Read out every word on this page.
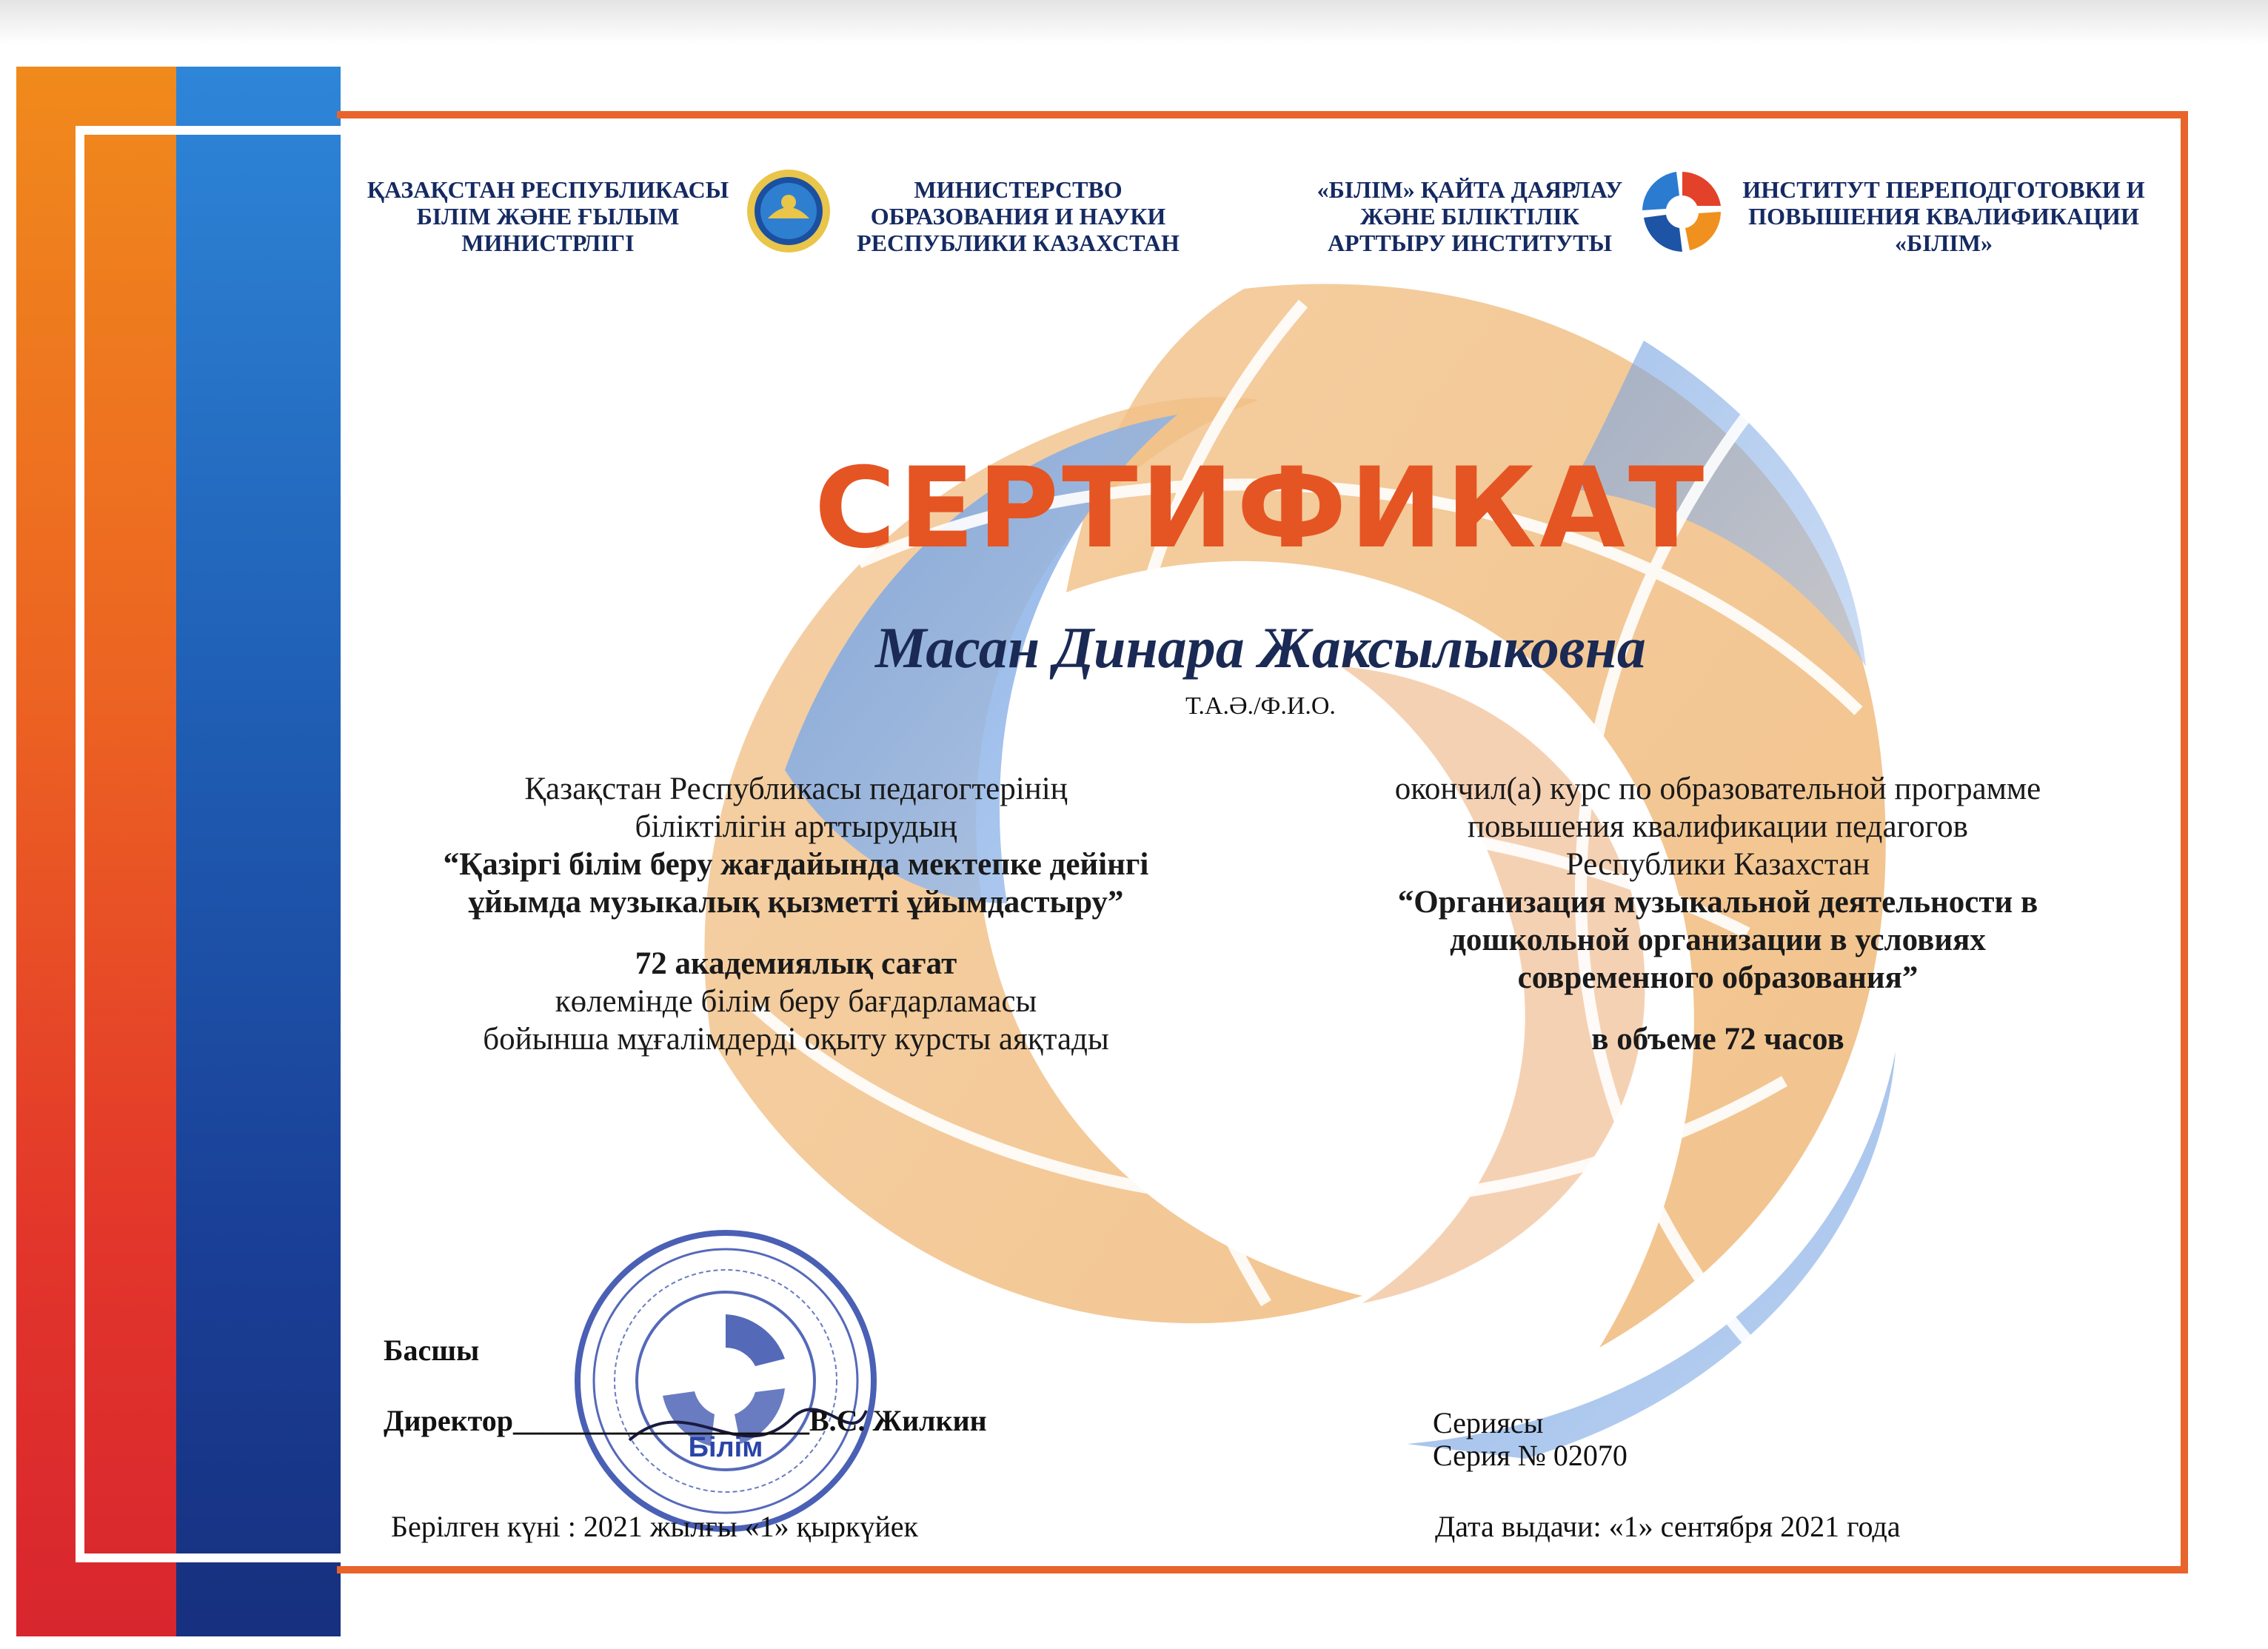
ҚАЗАҚСТАН РЕСПУБЛИКАСЫ
БІЛІМ ЖӘНЕ ҒЫЛЫМ
МИНИСТРЛІГІ
МИНИСТЕРСТВО
ОБРАЗОВАНИЯ И НАУКИ
РЕСПУБЛИКИ КАЗАХСТАН
«БІЛІМ» ҚАЙТА ДАЯРЛАУ
ЖӘНЕ БІЛІКТІЛІК
АРТТЫРУ ИНСТИТУТЫ
ИНСТИТУТ ПЕРЕПОДГОТОВКИ И
ПОВЫШЕНИЯ КВАЛИФИКАЦИИ
«БІЛІМ»
СЕРТИФИКАТ
Масан Динара Жаксылыковна
Т.А.Ә./Ф.И.О.
Қазақстан Республикасы педагогтерінің
біліктілігін арттырудың
“Қазіргі білім беру жағдайында мектепке дейінгі
ұйымда музыкалық қызметті ұйымдастыру”
72 академиялық сағат
көлемінде білім беру бағдарламасы
бойынша мұғалімдерді оқыту курсты аяқтады
окончил(а) курс по образовательной программе
повышения квалификации педагогов
Республики Казахстан
“Организация музыкальной деятельности в
дошкольной организации в условиях
современного образования”
в объеме 72 часов
Білім
Басшы
Директор____________________В.С. Жилкин	Сериясы
Серия № 02070
Берілген күні : 2021 жылғы «1» қыркүйек	Дата выдачи: «1» сентября 2021 года
